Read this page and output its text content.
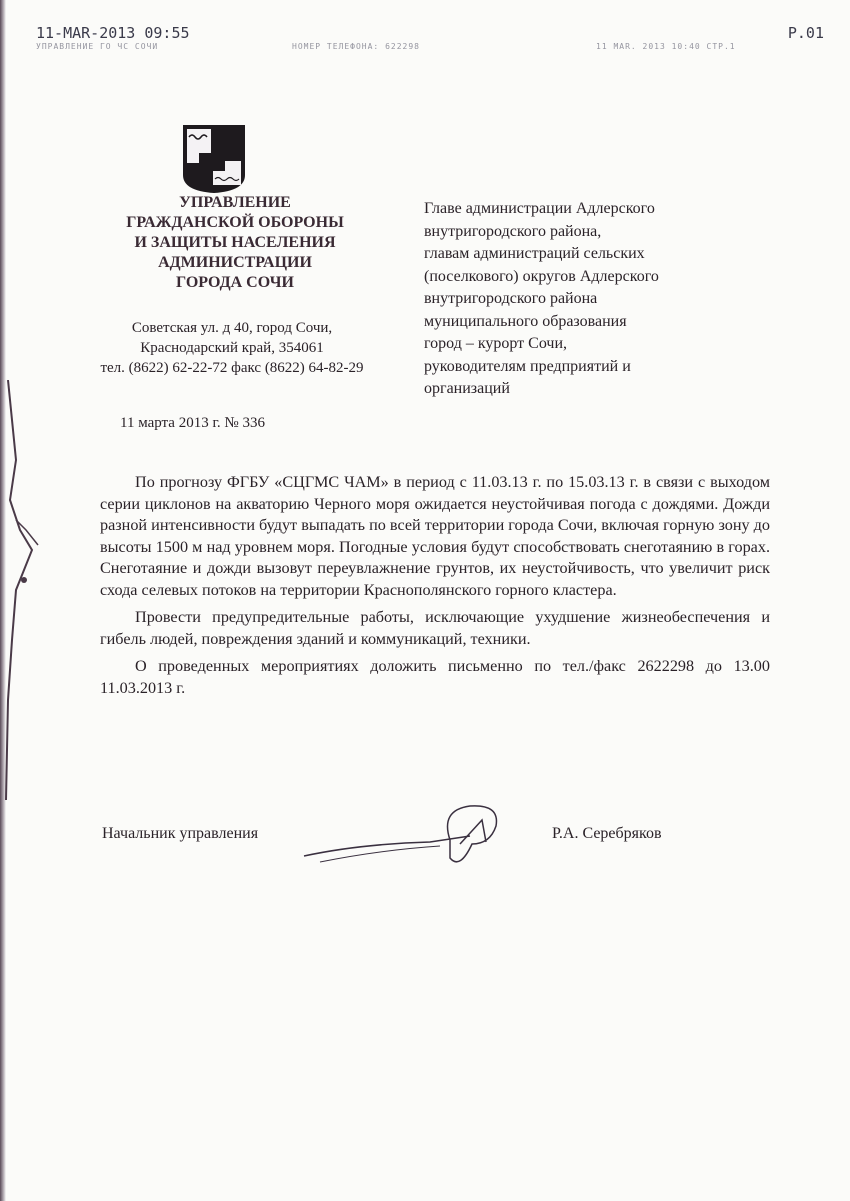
11-MAR-2013 09:55	P.01
УПРАВЛЕНИЕ ГО ЧС СОЧИ	НОМЕР ТЕЛЕФОНА: 622298	11 MAR. 2013 10:40 СТР.1
УПРАВЛЕНИЕ
ГРАЖДАНСКОЙ ОБОРОНЫ
И ЗАЩИТЫ НАСЕЛЕНИЯ
АДМИНИСТРАЦИИ
ГОРОДА СОЧИ
Советская ул. д 40, город Сочи,
Краснодарский край, 354061
тел. (8622) 62-22-72 факс (8622) 64-82-29
11 марта 2013 г. № 336
Главе администрации Адлерского
внутригородского района,
главам администраций сельских
(поселкового) округов Адлерского
внутригородского района
муниципального образования
город – курорт Сочи,
руководителям предприятий и
организаций

По прогнозу ФГБУ «СЦГМС ЧАМ» в период с 11.03.13 г. по 15.03.13 г. в связи с выходом серии циклонов на акваторию Черного моря ожидается неустойчивая погода с дождями. Дожди разной интенсивности будут выпадать по всей территории города Сочи, включая горную зону до высоты 1500 м над уровнем моря. Погодные условия будут способствовать снеготаянию в горах. Снеготаяние и дожди вызовут переувлажнение грунтов, их неустойчивость, что увеличит риск схода селевых потоков на территории Краснополянского горного кластера.

Провести предупредительные работы, исключающие ухудшение жизнеобеспечения и гибель людей, повреждения зданий и коммуникаций, техники.

О проведенных мероприятиях доложить письменно по тел./факс 2622298 до 13.00 11.03.2013 г.

Начальник управления	Р.А. Серебряков
